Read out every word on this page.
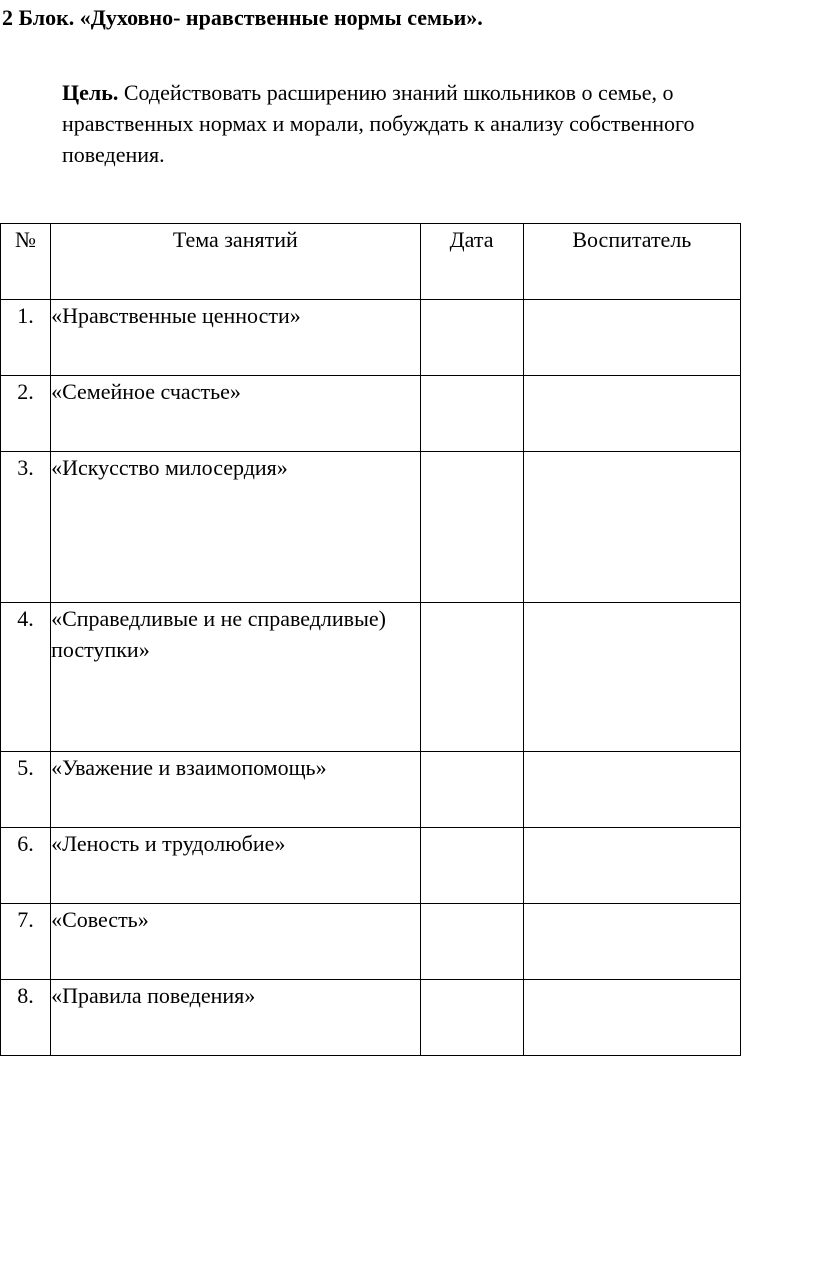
2 Блок. «Духовно- нравственные нормы семьи».
Цель. Содействовать расширению знаний школьников о семье, о нравственных нормах и морали, побуждать к анализу собственного поведения.
№	Тема занятий	Дата	Воспитатель
1.	«Нравственные ценности»		
2.	«Семейное счастье»		
3.	«Искусство милосердия»		
4.	«Справедливые и не справедливые) поступки»		
5.	«Уважение и взаимопомощь»		
6.	«Леность и трудолюбие»		
7.	«Совесть»		
8.	«Правила поведения»		
